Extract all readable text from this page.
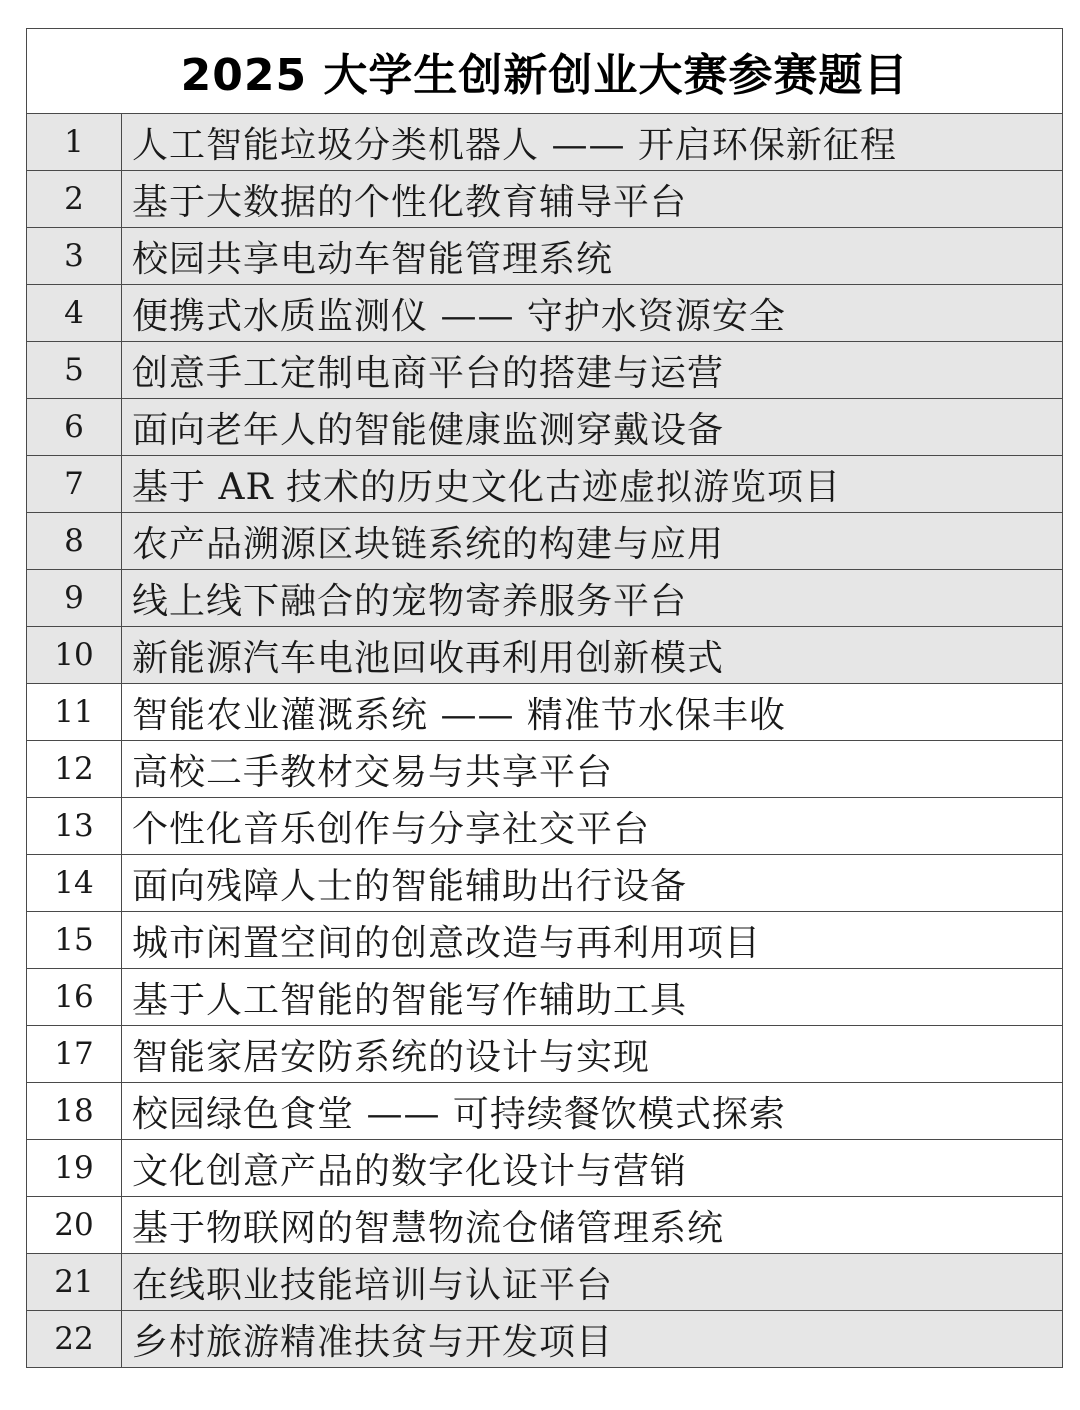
2025 大学生创新创业大赛参赛题目	
1	人工智能垃圾分类机器人 —— 开启环保新征程
2	基于大数据的个性化教育辅导平台
3	校园共享电动车智能管理系统
4	便携式水质监测仪 —— 守护水资源安全
5	创意手工定制电商平台的搭建与运营
6	面向老年人的智能健康监测穿戴设备
7	基于 AR 技术的历史文化古迹虚拟游览项目
8	农产品溯源区块链系统的构建与应用
9	线上线下融合的宠物寄养服务平台
10	新能源汽车电池回收再利用创新模式
11	智能农业灌溉系统 —— 精准节水保丰收
12	高校二手教材交易与共享平台
13	个性化音乐创作与分享社交平台
14	面向残障人士的智能辅助出行设备
15	城市闲置空间的创意改造与再利用项目
16	基于人工智能的智能写作辅助工具
17	智能家居安防系统的设计与实现
18	校园绿色食堂 —— 可持续餐饮模式探索
19	文化创意产品的数字化设计与营销
20	基于物联网的智慧物流仓储管理系统
21	在线职业技能培训与认证平台
22	乡村旅游精准扶贫与开发项目
